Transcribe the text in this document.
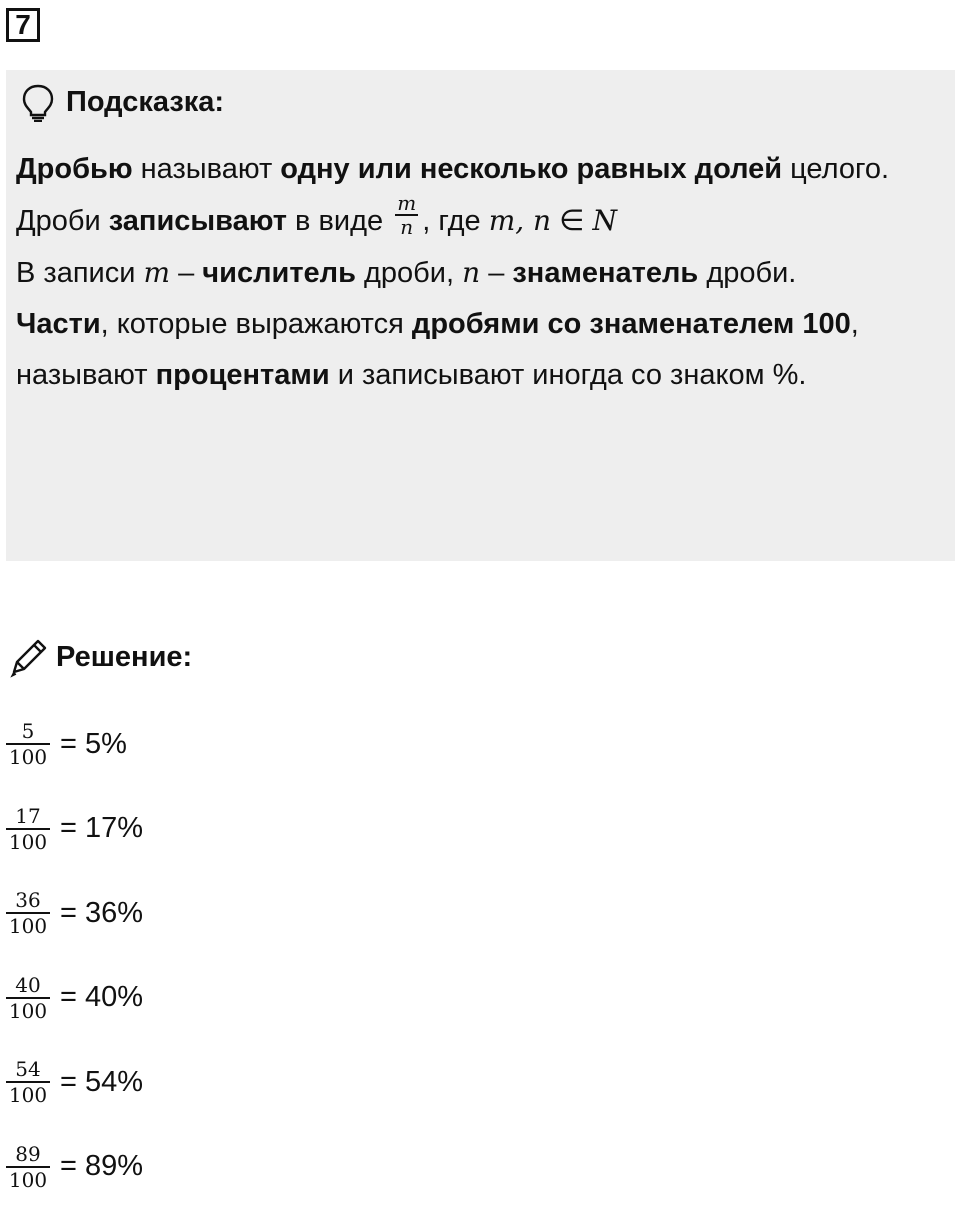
7
Подсказка:
Дробью называют одну или несколько равных долей целого.
Дроби записывают в виде $\frac{m}{n}$ , где m, n ∈ N
В записи m – числитель дроби, n – знаменатель дроби.
Части, которые выражаются дробями со знаменателем 100, называют процентами и записывают иногда со знаком %.
Решение:
$\frac{5}{100} = 5\%$
$\frac{17}{100} = 17\%$
$\frac{36}{100} = 36\%$
$\frac{40}{100} = 40\%$
$\frac{54}{100} = 54\%$
$\frac{89}{100} = 89\%$
